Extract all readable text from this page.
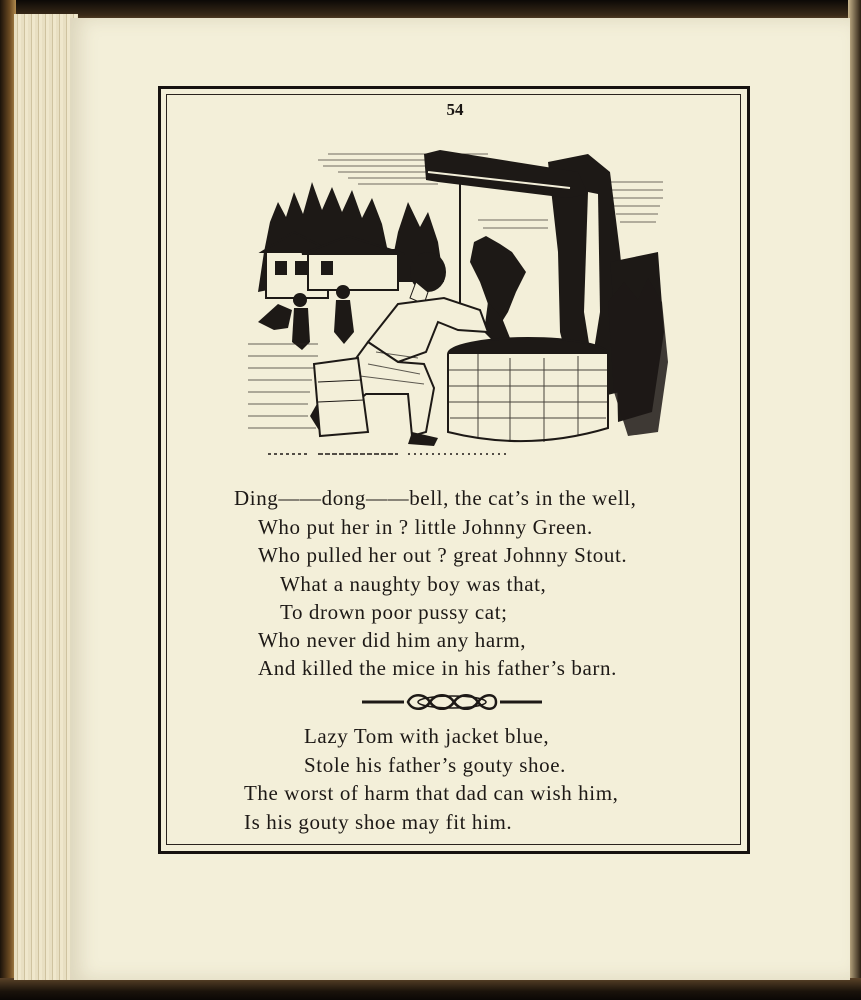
54
Ding——dong——bell, the cat’s in the well,
Who put her in ? little Johnny Green.
Who pulled her out ? great Johnny Stout.
What a naughty boy was that,
To drown poor pussy cat;
Who never did him any harm,
And killed the mice in his father’s barn.
Lazy Tom with jacket blue,
Stole his father’s gouty shoe.
The worst of harm that dad can wish him,
Is his gouty shoe may fit him.
